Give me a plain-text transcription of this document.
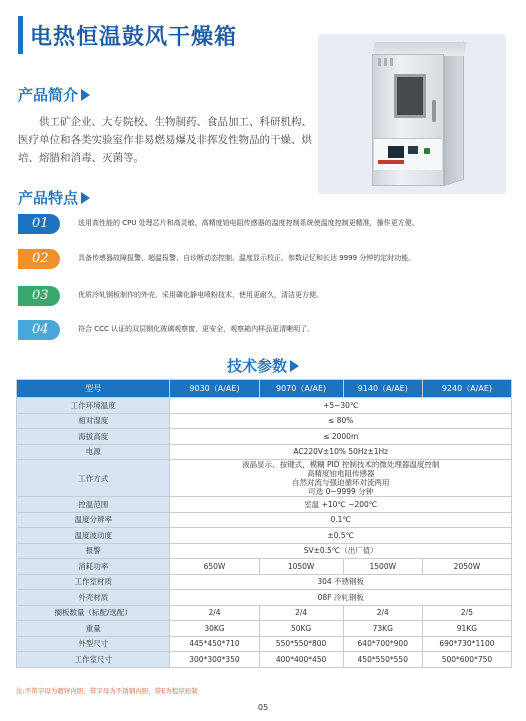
电热恒温鼓风干燥箱
产品简介

供工矿企业、大专院校、生物制药、食品加工、科研机构、医疗单位和各类实验室作非易燃易爆及非挥发性物品的干燥、烘培、熔腊和消毒、灭菌等。

产品特点
01	选用高性能的 CPU 处理芯片和高灵敏、高精度铂电阻传感器的温度控制系统使温度控制更精准，操作更方便。
02	具备传感器故障报警、超温报警、自诊断动态控制、温度显示校正、参数记忆和长达 9999 分钟的定时功能。
03	优质冷轧钢板制作的外壳，采用磷化静电喷粉技术，使用更耐久，清洁更方便。
04	符合 CCC 认证的双层钢化玻璃观察窗，更安全，观察箱内样品更清晰明了。
技术参数
型号	9030（A/AE)	9070（A/AE)	9140（A/AE)	9240（A/AE)
工作环境温度	+5~30℃			
相对湿度	≤ 80%			
海拔高度	≤ 2000m			
电源	AC220V±10% 50Hz±1Hz			
工作方式	液晶显示、按键式，模糊 PID 控制技术的微处理器温度控制
高精度铂电阻传感器
自然对流与强迫循环对流两用
可选 0~9999 分钟			

控温范围	室温 +10℃ ~200℃			
温度分辨率	0.1℃			
温度波动度	±0.5℃			
报警	SV±0.5℃（出厂值）			
消耗功率	650W	1050W	1500W	2050W
工作室材质	304 不锈钢板			
外壳材质	08F 冷轧钢板			
搁板数量（标配/选配）	2/4	2/4	2/4	2/5
重量	30KG	50KG	73KG	91KG
外型尺寸	445*450*710	550*550*800	640*700*900	690*730*1100
工作室尺寸	300*300*350	400*400*450	450*550*550	500*600*750
注:不带字母为镀锌内胆，带字母为不锈钢内胆，带E为程序控制
05
